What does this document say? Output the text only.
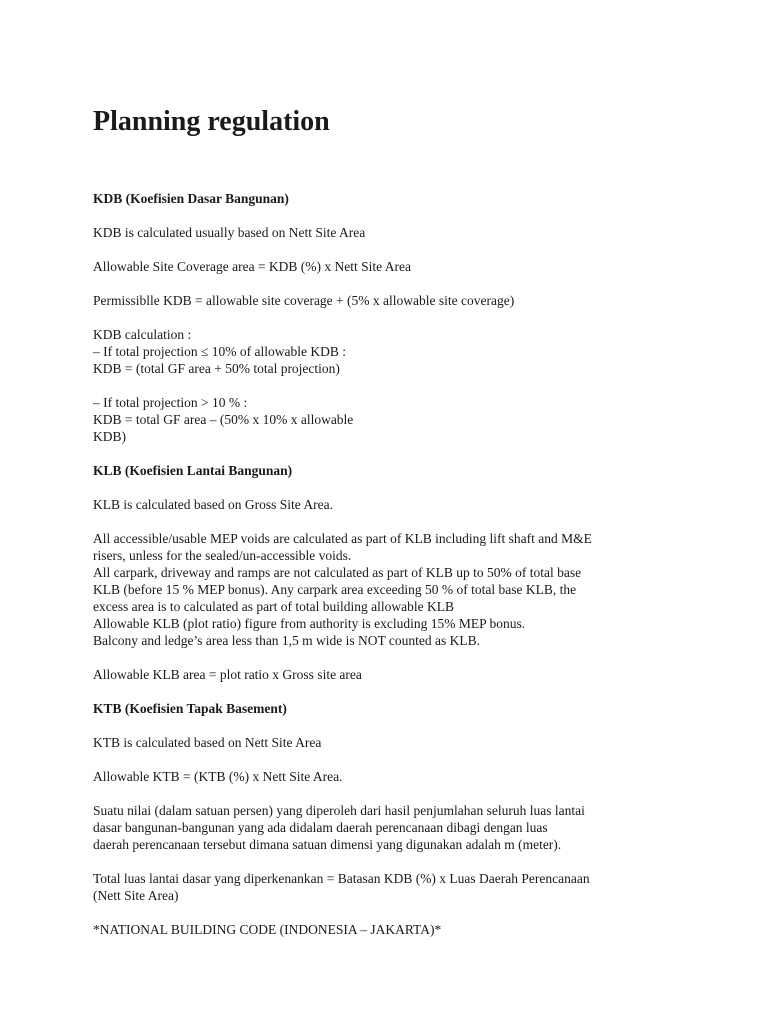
Planning regulation
KDB (Koefisien Dasar Bangunan)

KDB is calculated usually based on Nett Site Area

Allowable Site Coverage area = KDB (%) x Nett Site Area

Permissiblle KDB = allowable site coverage + (5% x allowable site coverage)

KDB calculation :
– If total projection ≤ 10% of allowable KDB :
KDB = (total GF area + 50% total projection)

– If total projection > 10 % :
KDB = total GF area – (50% x 10% x allowable
KDB)

KLB (Koefisien Lantai Bangunan)

KLB is calculated based on Gross Site Area.

All accessible/usable MEP voids are calculated as part of KLB including lift shaft and M&E
risers, unless for the sealed/un-accessible voids.
All carpark, driveway and ramps are not calculated as part of KLB up to 50% of total base
KLB (before 15 % MEP bonus). Any carpark area exceeding 50 % of total base KLB, the
excess area is to calculated as part of total building allowable KLB
Allowable KLB (plot ratio) figure from authority is excluding 15% MEP bonus.
Balcony and ledge’s area less than 1,5 m wide is NOT counted as KLB.

Allowable KLB area = plot ratio x Gross site area

KTB (Koefisien Tapak Basement)

KTB is calculated based on Nett Site Area

Allowable KTB = (KTB (%) x Nett Site Area.

Suatu nilai (dalam satuan persen) yang diperoleh dari hasil penjumlahan seluruh luas lantai
dasar bangunan-bangunan yang ada didalam daerah perencanaan dibagi dengan luas
daerah perencanaan tersebut dimana satuan dimensi yang digunakan adalah m (meter).

Total luas lantai dasar yang diperkenankan = Batasan KDB (%) x Luas Daerah Perencanaan
(Nett Site Area)

*NATIONAL BUILDING CODE (INDONESIA – JAKARTA)*
